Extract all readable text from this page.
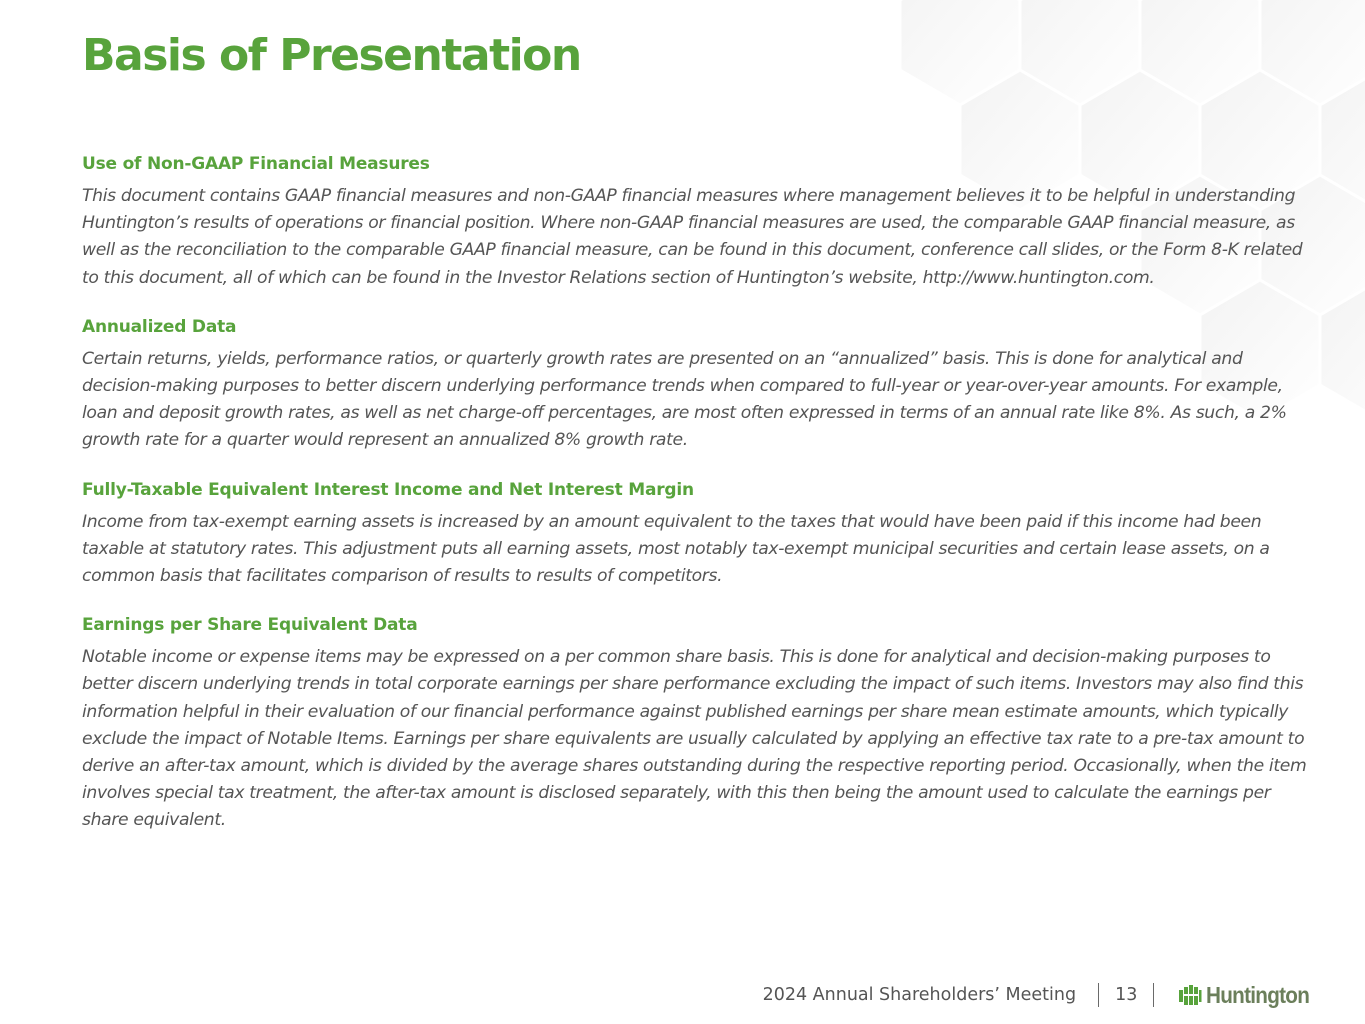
Basis of Presentation
Use of Non-GAAP Financial Measures

This document contains GAAP financial measures and non-GAAP financial measures where management believes it to be helpful in understanding Huntington’s results of operations or financial position. Where non-GAAP financial measures are used, the comparable GAAP financial measure, as well as the reconciliation to the comparable GAAP financial measure, can be found in this document, conference call slides, or the Form 8-K related to this document, all of which can be found in the Investor Relations section of Huntington’s website, http://www.huntington.com.

Annualized Data

Certain returns, yields, performance ratios, or quarterly growth rates are presented on an “annualized” basis. This is done for analytical and decision-making purposes to better discern underlying performance trends when compared to full-year or year-over-year amounts. For example, loan and deposit growth rates, as well as net charge-off percentages, are most often expressed in terms of an annual rate like 8%. As such, a 2% growth rate for a quarter would represent an annualized 8% growth rate.

Fully-Taxable Equivalent Interest Income and Net Interest Margin

Income from tax-exempt earning assets is increased by an amount equivalent to the taxes that would have been paid if this income had been taxable at statutory rates. This adjustment puts all earning assets, most notably tax-exempt municipal securities and certain lease assets, on a common basis that facilitates comparison of results to results of competitors.

Earnings per Share Equivalent Data

Notable income or expense items may be expressed on a per common share basis. This is done for analytical and decision-making purposes to better discern underlying trends in total corporate earnings per share performance excluding the impact of such items. Investors may also find this information helpful in their evaluation of our financial performance against published earnings per share mean estimate amounts, which typically exclude the impact of Notable Items. Earnings per share equivalents are usually calculated by applying an effective tax rate to a pre-tax amount to derive an after-tax amount, which is divided by the average shares outstanding during the respective reporting period. Occasionally, when the item involves special tax treatment, the after-tax amount is disclosed separately, with this then being the amount used to calculate the earnings per share equivalent.

2024 Annual Shareholders’ Meeting 13	Huntington
